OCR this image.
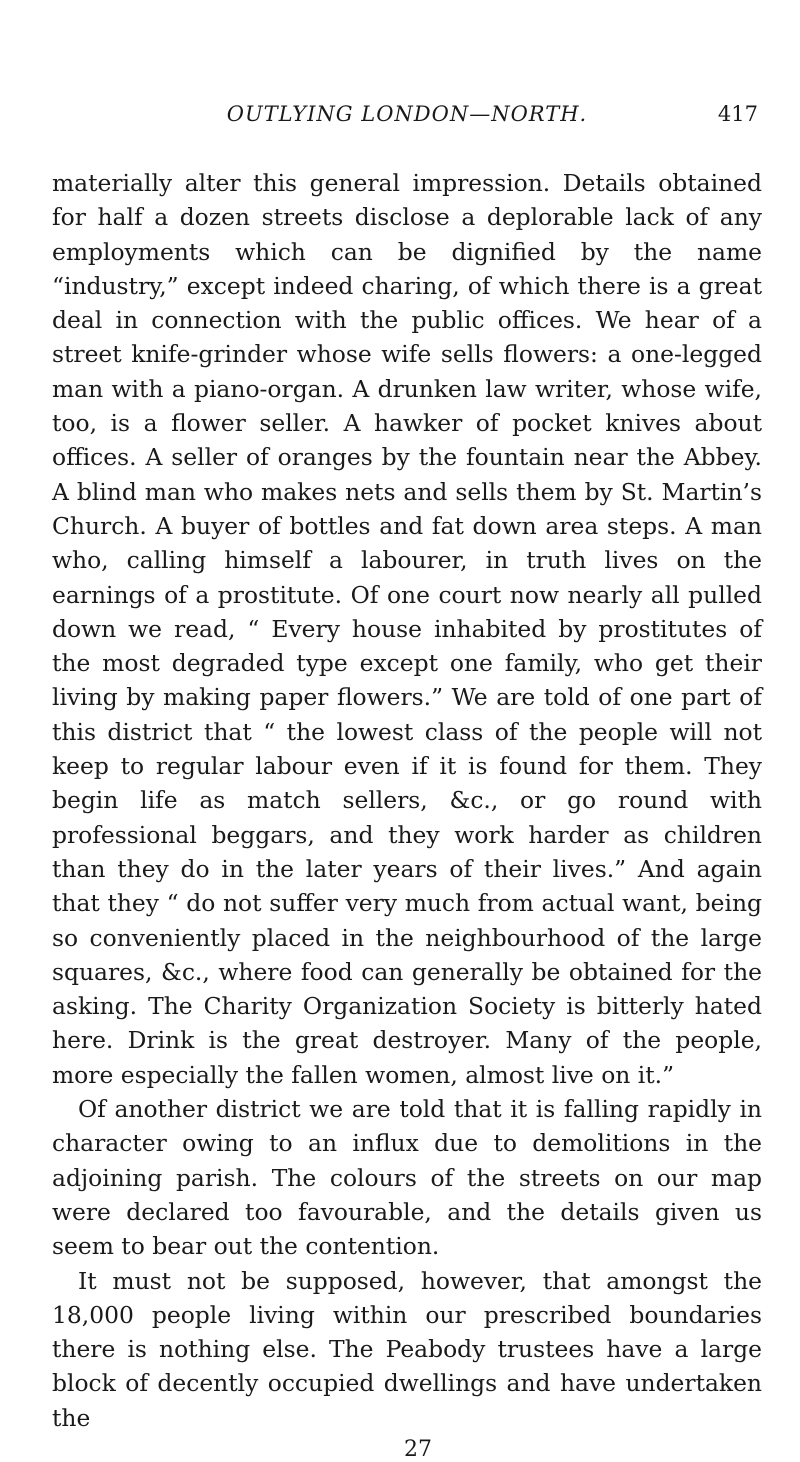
OUTLYING LONDON—NORTH.	417

materially alter this general impression. Details obtained for half a dozen streets disclose a deplorable lack of any employments which can be dignified by the name “industry,” except indeed charing, of which there is a great deal in connection with the public offices. We hear of a street knife-grinder whose wife sells flowers: a one-legged man with a piano-organ. A drunken law writer, whose wife, too, is a flower seller. A hawker of pocket knives about offices. A seller of oranges by the fountain near the Abbey. A blind man who makes nets and sells them by St. Martin’s Church. A buyer of bottles and fat down area steps. A man who, calling himself a labourer, in truth lives on the earnings of a prostitute. Of one court now nearly all pulled down we read, “ Every house inhabited by prostitutes of the most degraded type except one family, who get their living by making paper flowers.” We are told of one part of this district that “ the lowest class of the people will not keep to regular labour even if it is found for them. They begin life as match sellers, &c., or go round with professional beggars, and they work harder as children than they do in the later years of their lives.” And again that they “ do not suffer very much from actual want, being so conveniently placed in the neighbourhood of the large squares, &c., where food can generally be obtained for the asking. The Charity Organization Society is bitterly hated here. Drink is the great destroyer. Many of the people, more especially the fallen women, almost live on it.”

Of another district we are told that it is falling rapidly in character owing to an influx due to demolitions in the adjoining parish. The colours of the streets on our map were declared too favourable, and the details given us seem to bear out the contention.

It must not be supposed, however, that amongst the 18,000 people living within our prescribed boundaries there is nothing else. The Peabody trustees have a large block of decently occupied dwellings and have undertaken the

27
